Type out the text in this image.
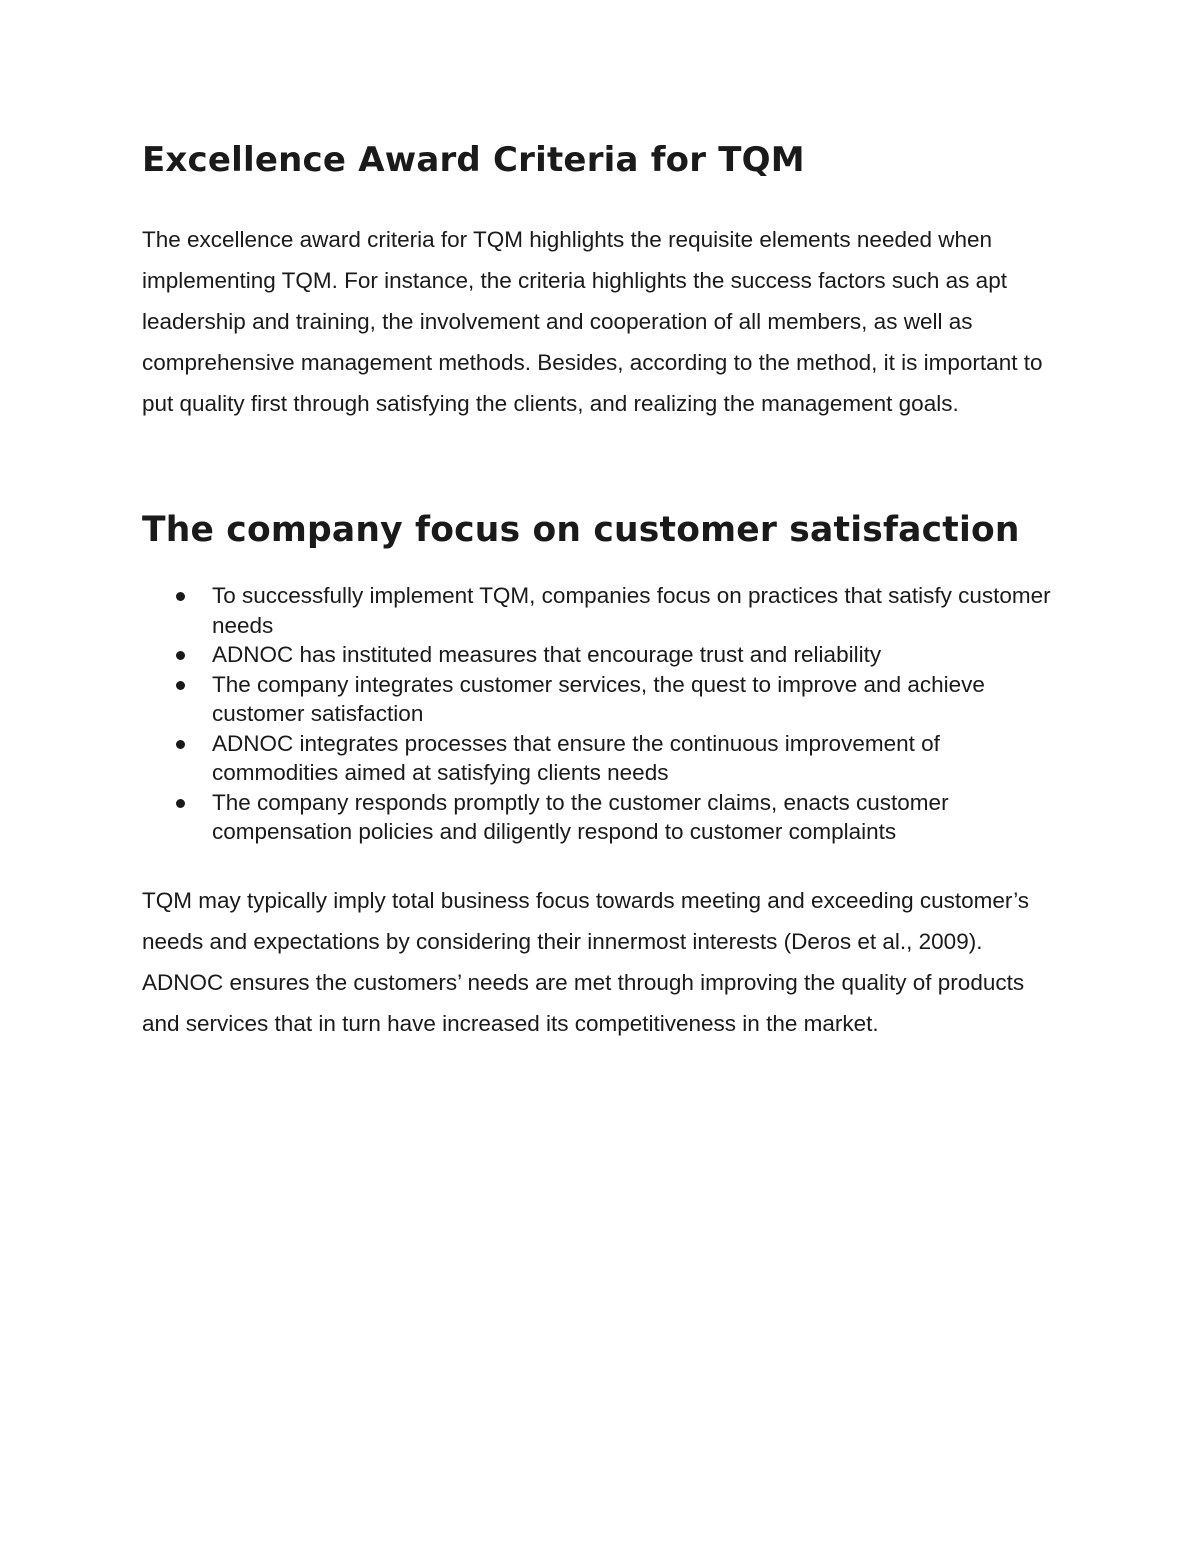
Excellence Award Criteria for TQM

The excellence award criteria for TQM highlights the requisite elements needed when implementing TQM. For instance, the criteria highlights the success factors such as apt leadership and training, the involvement and cooperation of all members, as well as comprehensive management methods. Besides, according to the method, it is important to put quality first through satisfying the clients, and realizing the management goals.

The company focus on customer satisfaction
To successfully implement TQM, companies focus on practices that satisfy customer needs
ADNOC has instituted measures that encourage trust and reliability
The company integrates customer services, the quest to improve and achieve customer satisfaction
ADNOC integrates processes that ensure the continuous improvement of commodities aimed at satisfying clients needs
The company responds promptly to the customer claims, enacts customer compensation policies and diligently respond to customer complaints

TQM may typically imply total business focus towards meeting and exceeding customer’s needs and expectations by considering their innermost interests (Deros et al., 2009). ADNOC ensures the customers’ needs are met through improving the quality of products and services that in turn have increased its competitiveness in the market.
